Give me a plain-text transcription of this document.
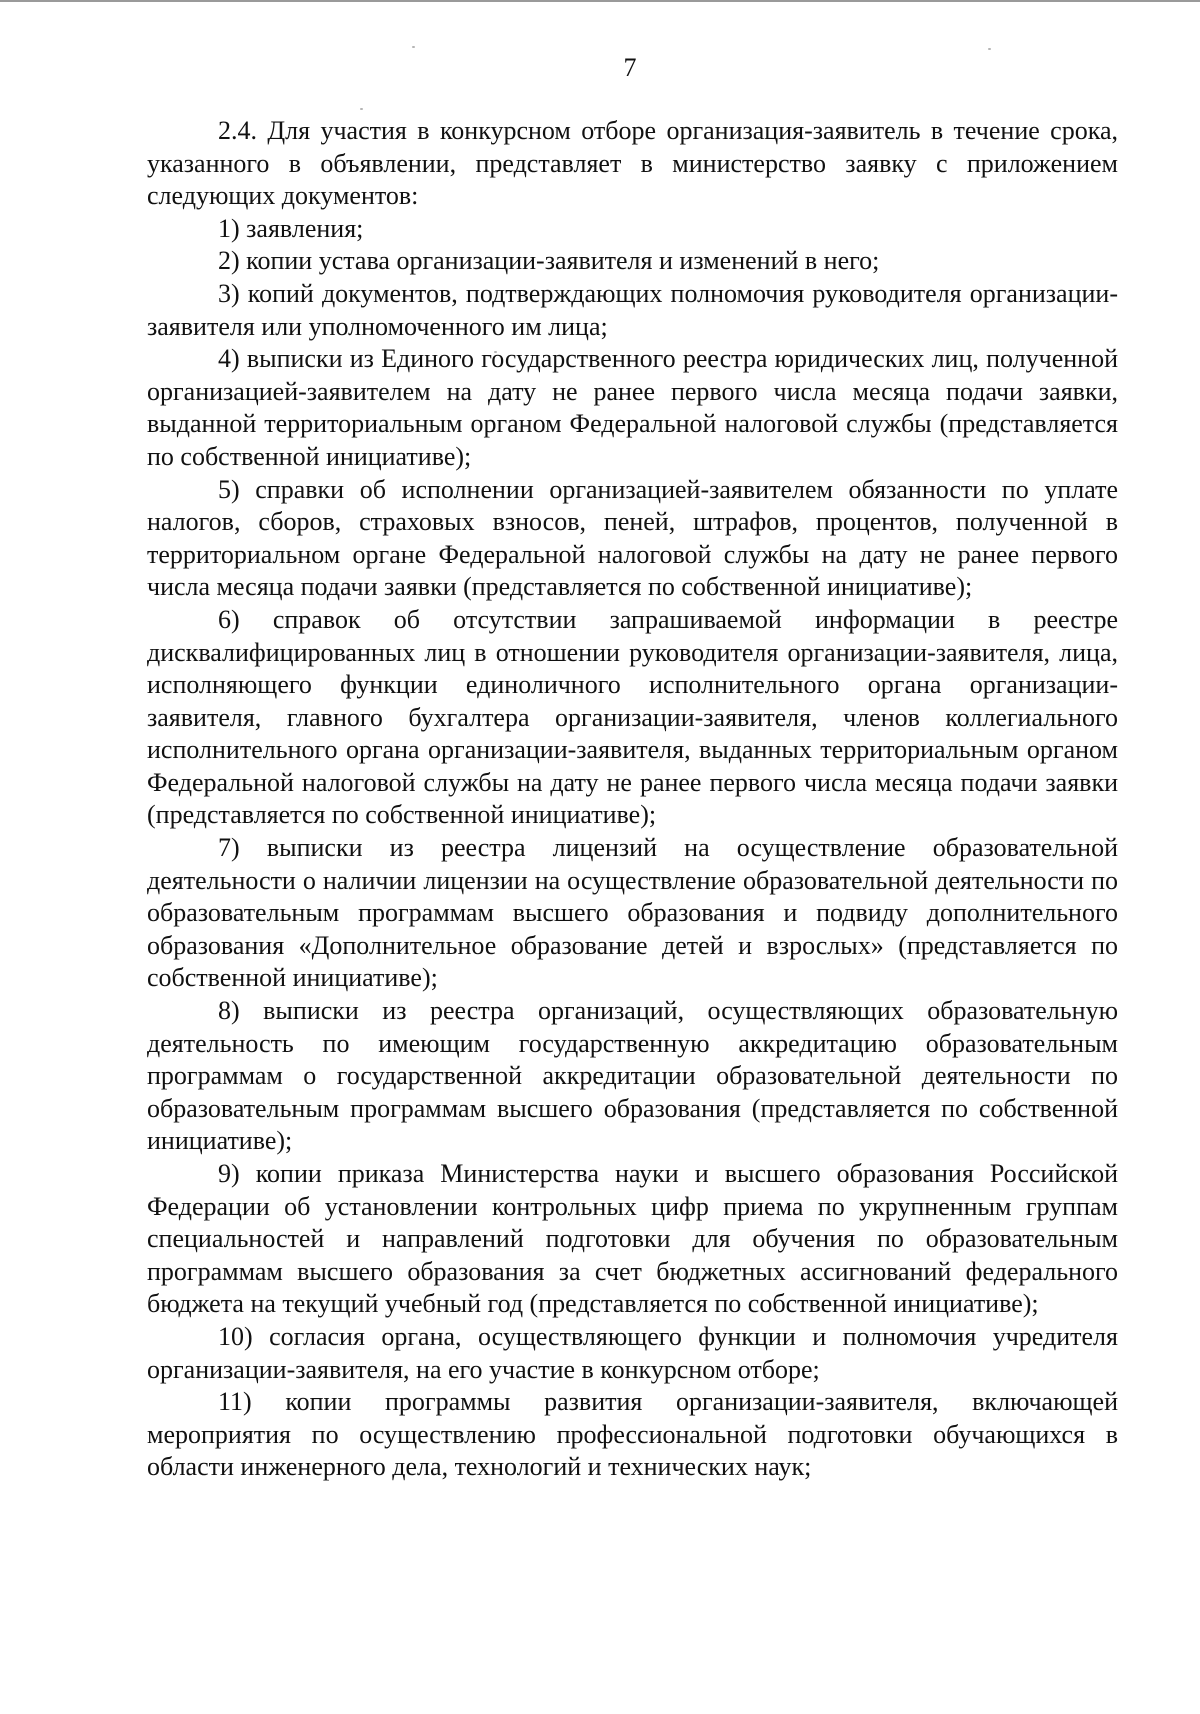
7

2.4. Для участия в конкурсном отборе организация-заявитель в течение срока, указанного в объявлении, представляет в министерство заявку с приложением следующих документов:

1) заявления;

2) копии устава организации-заявителя и изменений в него;

3) копий документов, подтверждающих полномочия руководителя организации-заявителя или уполномоченного им лица;

4) выписки из Единого государственного реестра юридических лиц, полученной организацией-заявителем на дату не ранее первого числа месяца подачи заявки, выданной территориальным органом Федеральной налоговой службы (представляется по собственной инициативе);

5) справки об исполнении организацией-заявителем обязанности по уплате налогов, сборов, страховых взносов, пеней, штрафов, процентов, полученной в территориальном органе Федеральной налоговой службы на дату не ранее первого числа месяца подачи заявки (представляется по собственной инициативе);

6) справок об отсутствии запрашиваемой информации в реестре дисквалифицированных лиц в отношении руководителя организации-заявителя, лица, исполняющего функции единоличного исполнительного органа организации-заявителя, главного бухгалтера организации-заявителя, членов коллегиального исполнительного органа организации-заявителя, выданных территориальным органом Федеральной налоговой службы на дату не ранее первого числа месяца подачи заявки (представляется по собственной инициативе);

7) выписки из реестра лицензий на осуществление образовательной деятельности о наличии лицензии на осуществление образовательной деятельности по образовательным программам высшего образования и подвиду дополнительного образования «Дополнительное образование детей и взрослых» (представляется по собственной инициативе);

8) выписки из реестра организаций, осуществляющих образовательную деятельность по имеющим государственную аккредитацию образовательным программам о государственной аккредитации образовательной деятельности по образовательным программам высшего образования (представляется по собственной инициативе);

9) копии приказа Министерства науки и высшего образования Российской Федерации об установлении контрольных цифр приема по укрупненным группам специальностей и направлений подготовки для обучения по образовательным программам высшего образования за счет бюджетных ассигнований федерального бюджета на текущий учебный год (представляется по собственной инициативе);

10) согласия органа, осуществляющего функции и полномочия учредителя организации-заявителя, на его участие в конкурсном отборе;

11) копии программы развития организации-заявителя, включающей мероприятия по осуществлению профессиональной подготовки обучающихся в области инженерного дела, технологий и технических наук;
